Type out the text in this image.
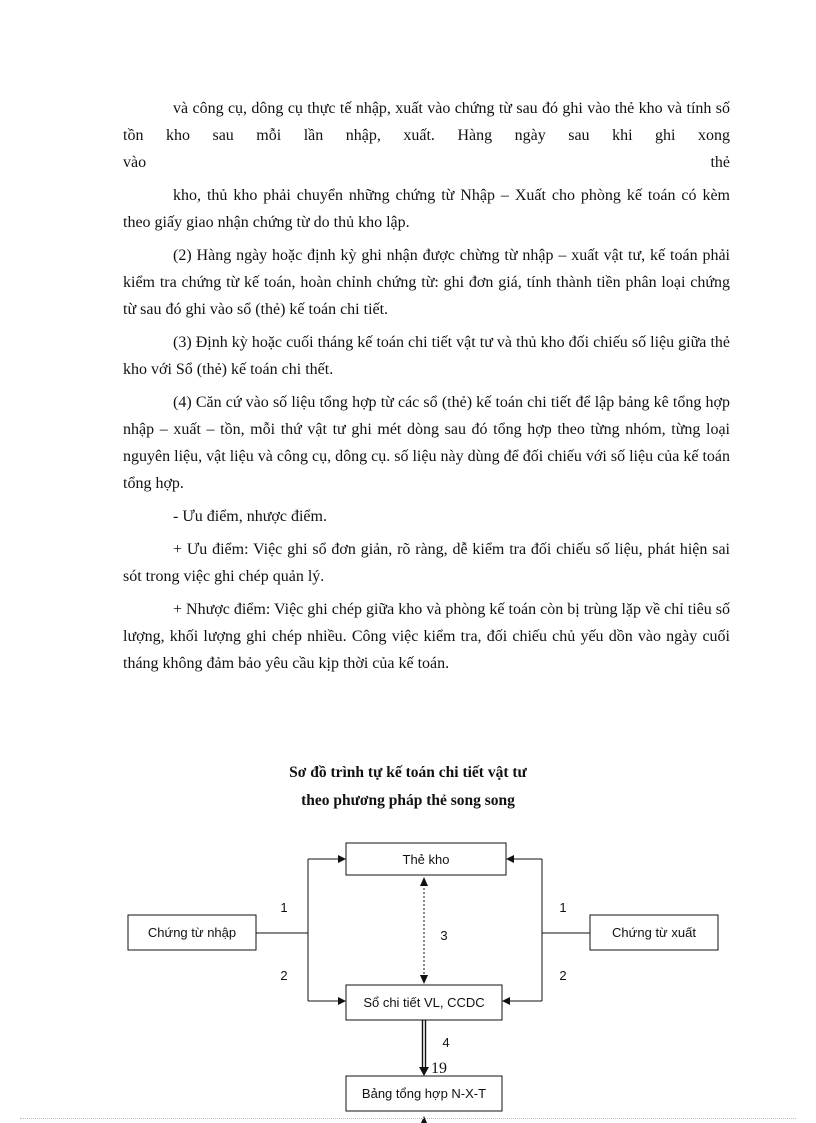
và công cụ, dông cụ thực tế nhập, xuất vào chứng từ sau đó ghi vào thẻ kho và tính số tồn kho sau mỗi lần nhập, xuất. Hàng ngày sau khi ghi xong

vào	thẻ

kho, thủ kho phải chuyển những chứng từ Nhập – Xuất cho phòng kế toán có kèm theo giấy giao nhận chứng từ do thủ kho lập.

(2) Hàng ngày hoặc định kỳ ghi nhận được chừng từ nhập – xuất vật tư, kế toán phải kiểm tra chứng từ kế toán, hoàn chỉnh chứng từ: ghi đơn giá, tính thành tiền phân loại chứng từ sau đó ghi vào sổ (thẻ) kế toán chi tiết.

(3) Định kỳ hoặc cuối tháng kế toán chi tiết vật tư và thủ kho đối chiếu số liệu giữa thẻ kho với Sổ (thẻ) kế toán chi thết.

(4) Căn cứ vào số liệu tổng hợp từ các sổ (thẻ) kế toán chi tiết để lập bảng kê tổng hợp nhập – xuất – tồn, mỗi thứ vật tư ghi mét dòng sau đó tổng hợp theo từng nhóm, từng loại nguyên liệu, vật liệu và công cụ, dông cụ. số liệu này dùng để đối chiếu với số liệu của kế toán tổng hợp.

- Ưu điểm, nhược điểm.

+ Ưu điểm: Việc ghi sổ đơn giản, rõ ràng, dễ kiểm tra đối chiếu số liệu, phát hiện sai sót trong việc ghi chép quản lý.

+ Nhược điểm: Việc ghi chép giữa kho và phòng kế toán còn bị trùng lặp về chỉ tiêu số lượng, khối lượng ghi chép nhiều. Công việc kiểm tra, đối chiếu chủ yếu dồn vào ngày cuối tháng không đảm bảo yêu cầu kịp thời của kế toán.

Sơ đồ trình tự kế toán chi tiết vật tư
theo phương pháp thẻ song song
Thẻ kho
Chứng từ nhập	Chứng từ xuất
Sổ chi tiết VL, CCDC
Bảng tổng hợp N-X-T
1
2
1
2
3
4
19
